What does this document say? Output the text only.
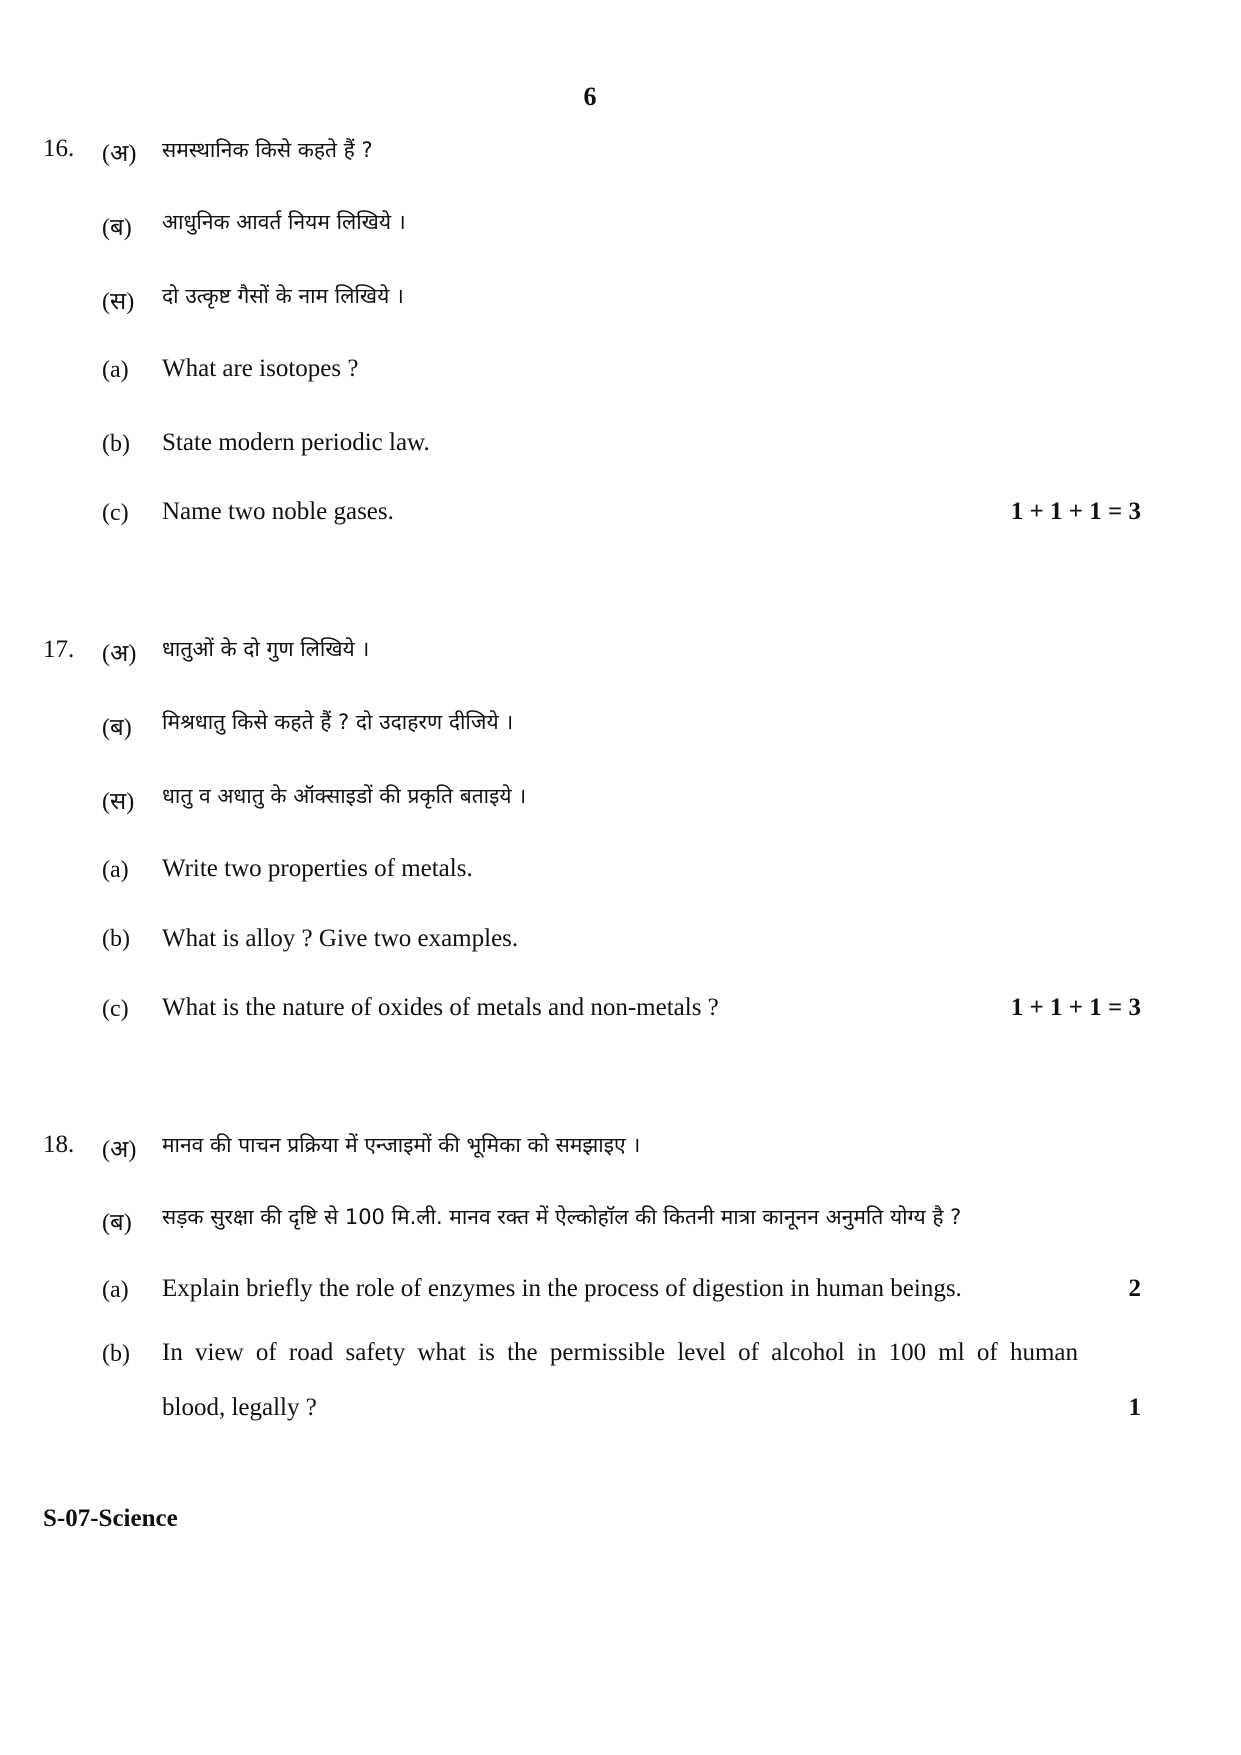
6
16. (अ) समस्थानिक किसे कहते हैं ?
(ब) आधुनिक आवर्त नियम लिखिये ।
(स) दो उत्कृष्ट गैसों के नाम लिखिये ।
(a) What are isotopes ?
(b) State modern periodic law.
(c) Name two noble gases.	1 + 1 + 1 = 3
17. (अ) धातुओं के दो गुण लिखिये ।
(ब) मिश्रधातु किसे कहते हैं ? दो उदाहरण दीजिये ।
(स) धातु व अधातु के ऑक्साइडों की प्रकृति बताइये ।
(a) Write two properties of metals.
(b) What is alloy ? Give two examples.
(c) What is the nature of oxides of metals and non-metals ?	1 + 1 + 1 = 3
18. (अ) मानव की पाचन प्रक्रिया में एन्जाइमों की भूमिका को समझाइए ।
(ब) सड़क सुरक्षा की दृष्टि से 100 मि.ली. मानव रक्त में ऐल्कोहॉल की कितनी मात्रा कानूनन अनुमति योग्य है ?
(a) Explain briefly the role of enzymes in the process of digestion in human beings.	2
(b) In view of road safety what is the permissible level of alcohol in 100 ml of human
blood, legally ?	1
S-07-Science
